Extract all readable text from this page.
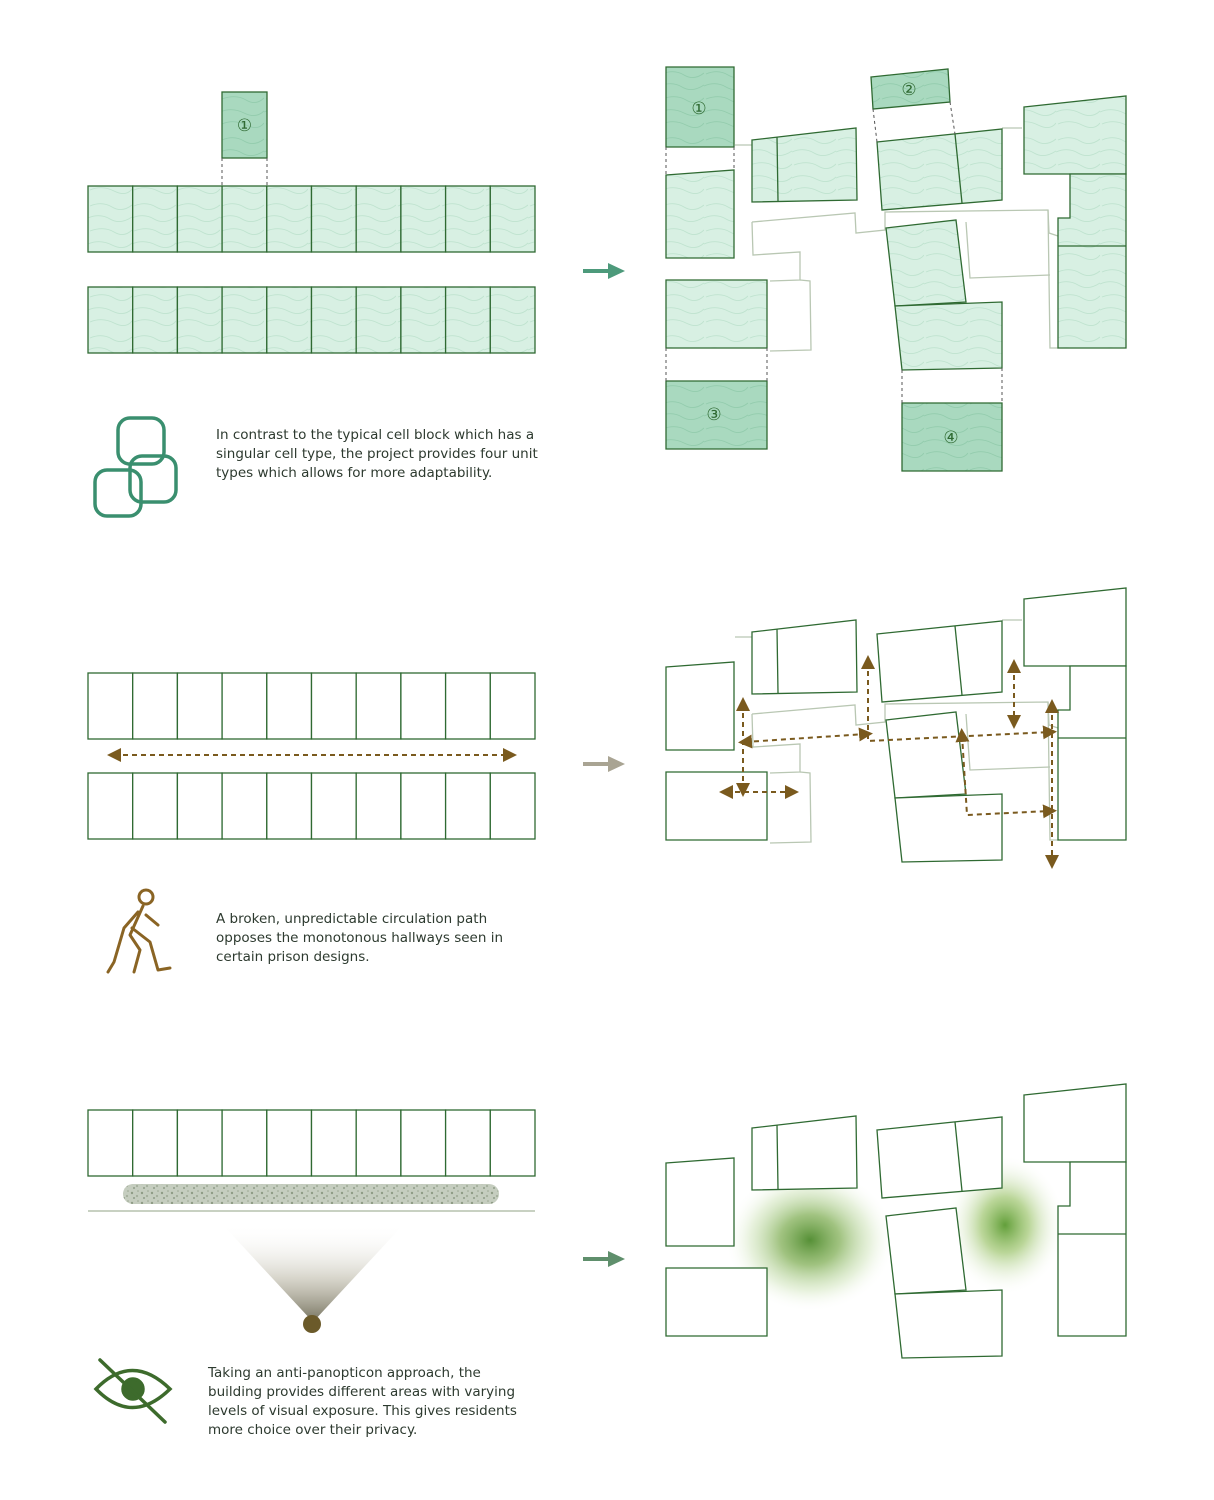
①
①
②
③
④

In contrast to the typical cell block which has a singular cell type, the project provides four unit types which allows for more adaptability.

A broken, unpredictable circulation path opposes the monotonous hallways seen in certain prison designs.

Taking an anti-panopticon approach, the building provides different areas with varying levels of visual exposure. This gives residents more choice over their privacy.
